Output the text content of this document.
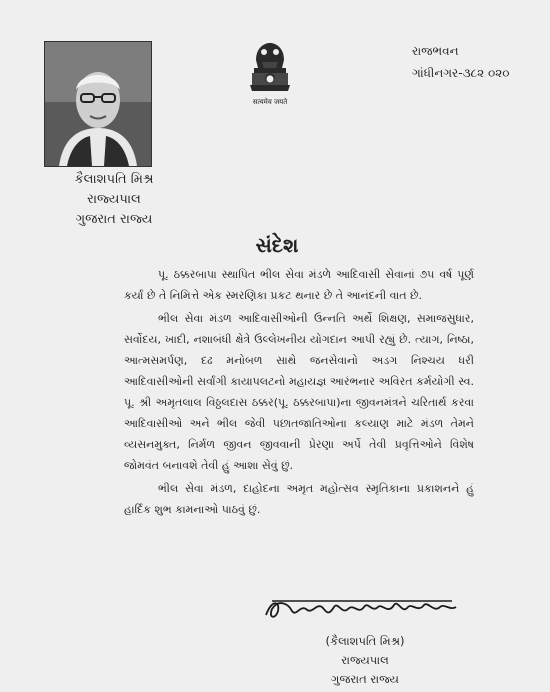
કૈલાશપતિ મિશ્ર
રાજ્યપાલ
ગુજરાત રાજ્ય
सत्यमेव जयते
રાજભવન
ગાંધીનગર-૩૮૨ ૦૨૦
સંદેશ

પૂ. ઠક્કરબાપા સ્થાપિત ભીલ સેવા મંડળે આદિવાસી સેવાનાં ૭૫ વર્ષ પૂર્ણ કર્યાં છે તે નિમિત્તે એક સ્મરણિકા પ્રકટ થનાર છે તે આનંદની વાત છે.

ભીલ સેવા મંડળ આદિવાસીઓની ઉન્નતિ અર્થે શિક્ષણ, સમાજસુધાર, સર્વોદય, ખાદી, નશાબંધી ક્ષેત્રે ઉલ્લેખનીય યોગદાન આપી રહ્યું છે. ત્યાગ, નિષ્ઠા, આત્મસમર્પણ, દઢ મનોબળ સાથે જનસેવાનો અડગ નિશ્ચય ધરી આદિવાસીઓની સર્વાંગી કાયાપલટનો મહાયજ્ઞ આરંભનાર અવિરત કર્મયોગી સ્વ. પૂ. શ્રી અમૃતલાલ વિઠ્ઠલદાસ ઠક્કર(પૂ. ઠક્કરબાપા)ના જીવનમંત્રને ચરિતાર્થ કરવા આદિવાસીઓ અને ભીલ જેવી પછાતજાતિઓના કલ્યાણ માટે મંડળ તેમને વ્યસનમુક્ત, નિર્મળ જીવન જીવવાની પ્રેરણા અર્પે તેવી પ્રવૃત્તિઓને વિશેષ જોમવંત બનાવશે તેવી હું આશા સેવું છું.

ભીલ સેવા મંડળ, દાહોદના અમૃત મહોત્સવ સ્મૃતિકાના પ્રકાશનને હું હાર્દિક શુભ કામનાઓ પાઠવું છું.

(કૈલાશપતિ મિશ્ર)
રાજ્યપાલ
ગુજરાત રાજ્ય
